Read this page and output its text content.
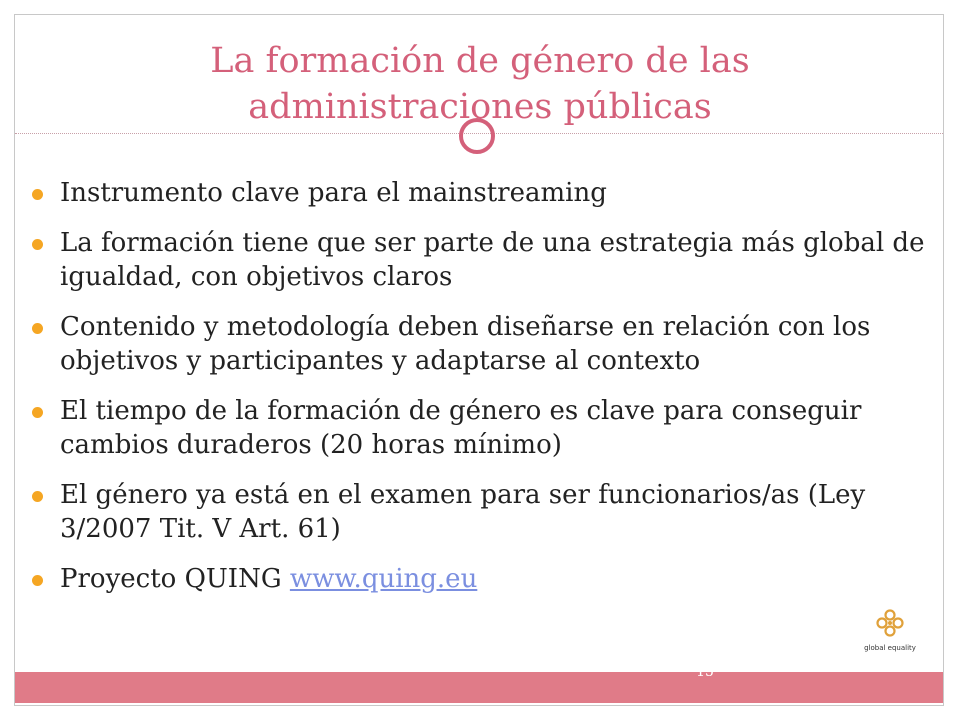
La formación de género de las
administraciones públicas
Instrumento clave para el mainstreaming
La formación tiene que ser parte de una estrategia más global de igualdad, con objetivos claros
Contenido y metodología deben diseñarse en relación con los objetivos y participantes y adaptarse al contexto
El tiempo de la formación de género es clave para conseguir cambios duraderos (20 horas mínimo)
El género ya está en el examen para ser funcionarios/as (Ley 3/2007 Tit. V Art. 61)
Proyecto QUING www.quing.eu
global equality
15
